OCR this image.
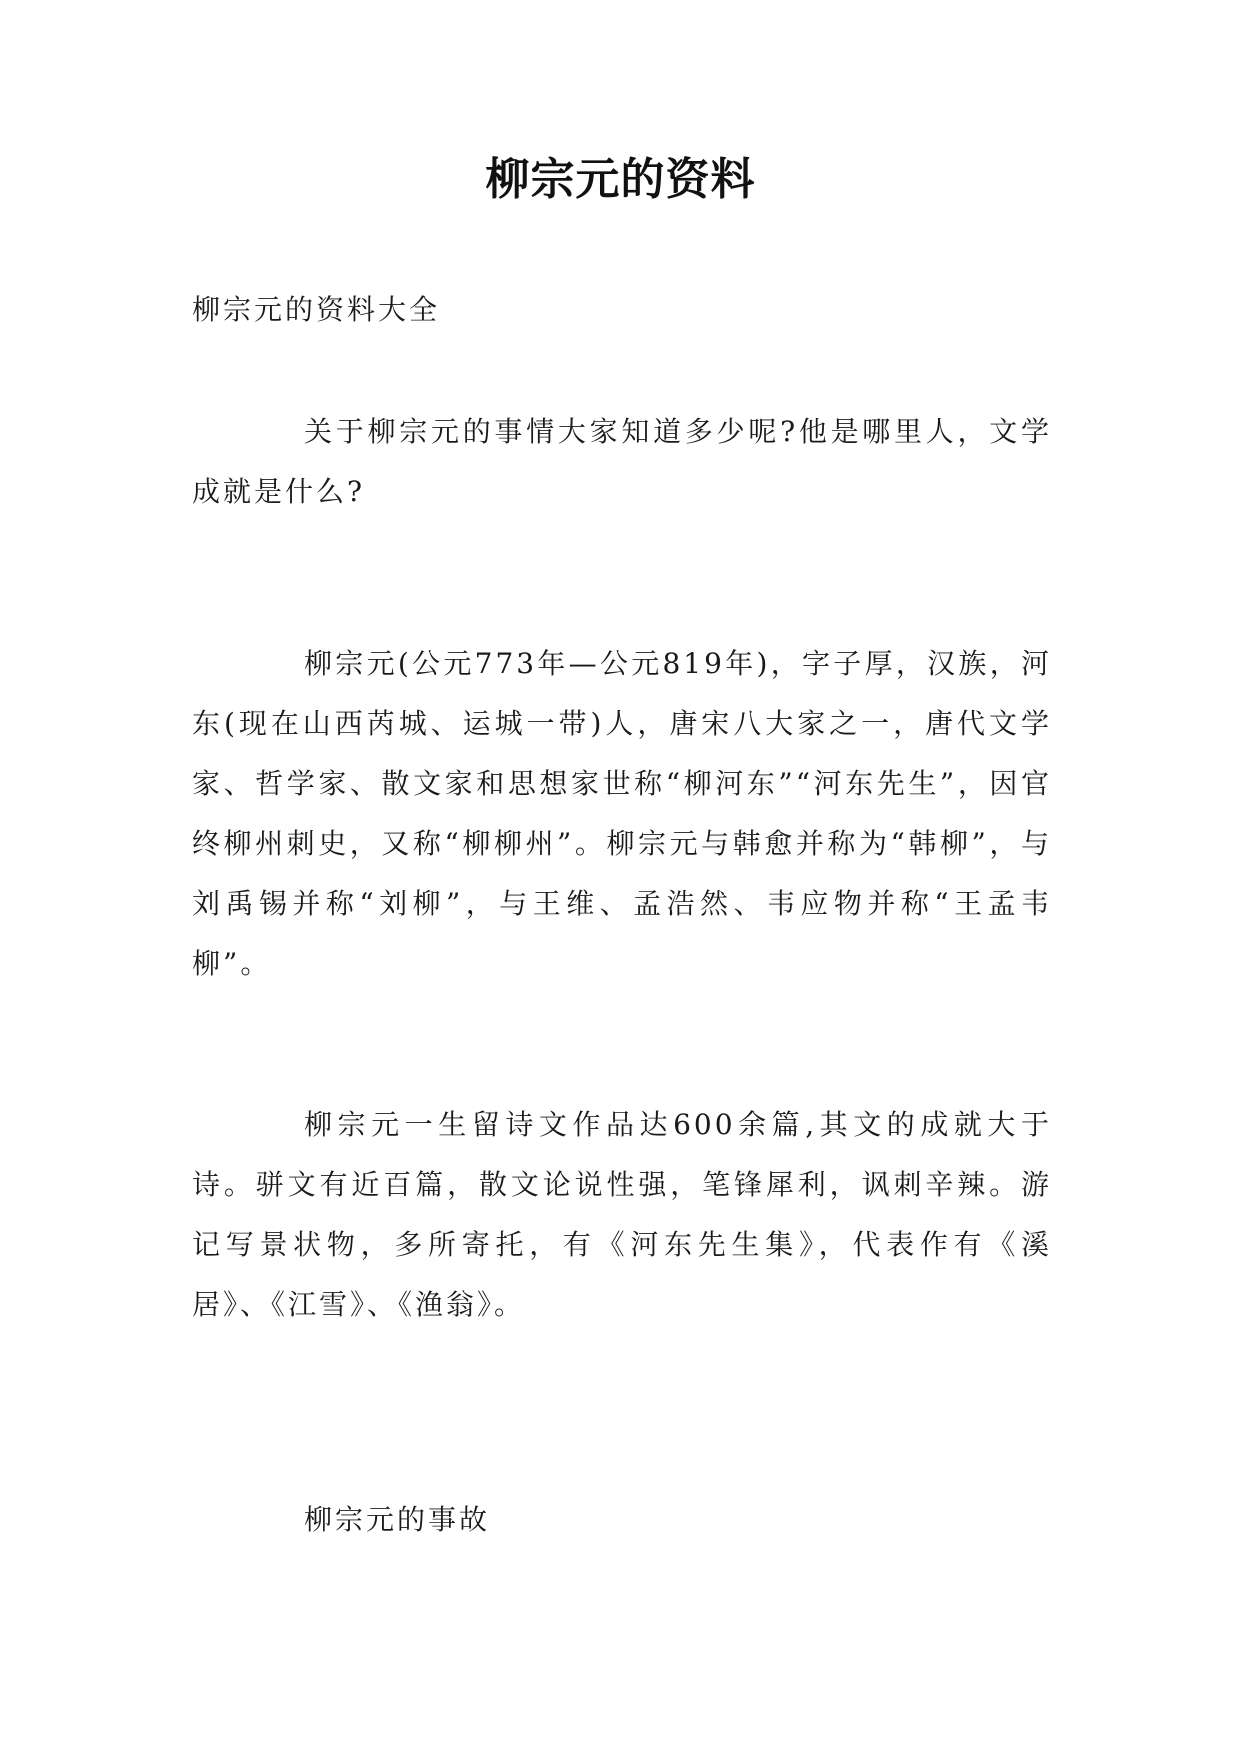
柳宗元的资料
柳宗元的资料大全
关于柳宗元的事情大家知道多少呢?他是哪里人，文学成就是什么?
柳宗元(公元773年—公元819年)，字子厚，汉族，河东(现在山西芮城、运城一带)人，唐宋八大家之一，唐代文学家、哲学家、散文家和思想家世称“柳河东”“河东先生”，因官终柳州刺史，又称“柳柳州”。柳宗元与韩愈并称为“韩柳”，与刘禹锡并称“刘柳”，与王维、孟浩然、韦应物并称“王孟韦柳”。
柳宗元一生留诗文作品达600余篇,其文的成就大于诗。骈文有近百篇，散文论说性强，笔锋犀利，讽刺辛辣。游记写景状物，多所寄托，有《河东先生集》，代表作有《溪居》、《江雪》、《渔翁》。
柳宗元的事故
